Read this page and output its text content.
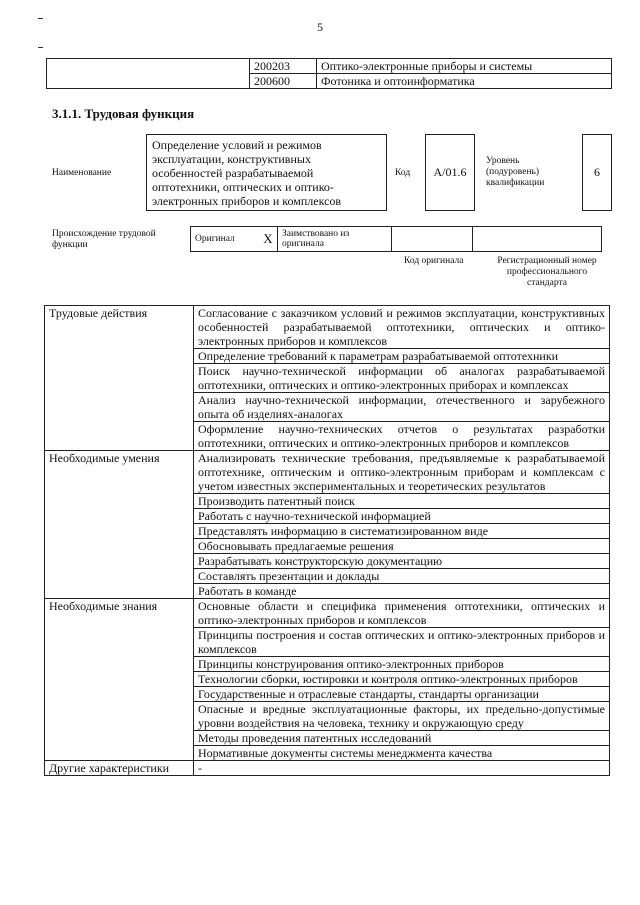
5
	200203	Оптико-электронные приборы и системы
	200600	Фотоника и оптоинформатика
3.1.1. Трудовая функция
Наименование
Определение условий и режимов эксплуатации, конструктивных особенностей разрабатываемой оптотехники, оптических и оптико-электронных приборов и комплексов
Код	A/01.6
Уровень (подуровень) квалификации
6
Происхождение трудовой функции
Оригинал	X	Заимствовано из оригинала		
Код оригинала	Регистрационный номер профессионального стандарта
Трудовые действия	Согласование с заказчиком условий и режимов эксплуатации, конструктивных особенностей разрабатываемой оптотехники, оптических и оптико-электронных приборов и комплексов
	Определение требований к параметрам разрабатываемой оптотехники
	Поиск научно-технической информации об аналогах разрабатываемой оптотехники, оптических и оптико-электронных приборах и комплексах
	Анализ научно-технической информации, отечественного и зарубежного опыта об изделиях-аналогах
	Оформление научно-технических отчетов о результатах разработки оптотехники, оптических и оптико-электронных приборов и комплексов
Необходимые умения	Анализировать технические требования, предъявляемые к разрабатываемой оптотехнике, оптическим и оптико-электронным приборам и комплексам с учетом известных экспериментальных и теоретических результатов
	Производить патентный поиск
	Работать с научно-технической информацией
	Представлять информацию в систематизированном виде
	Обосновывать предлагаемые решения
	Разрабатывать конструкторскую документацию
	Составлять презентации и доклады
	Работать в команде
Необходимые знания	Основные области и специфика применения оптотехники, оптических и оптико-электронных приборов и комплексов
	Принципы построения и состав оптических и оптико-электронных приборов и комплексов
	Принципы конструирования оптико-электронных приборов
	Технологии сборки, юстировки и контроля оптико-электронных приборов
	Государственные и отраслевые стандарты, стандарты организации
	Опасные и вредные эксплуатационные факторы, их предельно-допустимые уровни воздействия на человека, технику и окружающую среду
	Методы проведения патентных исследований
	Нормативные документы системы менеджмента качества
Другие характеристики	-
